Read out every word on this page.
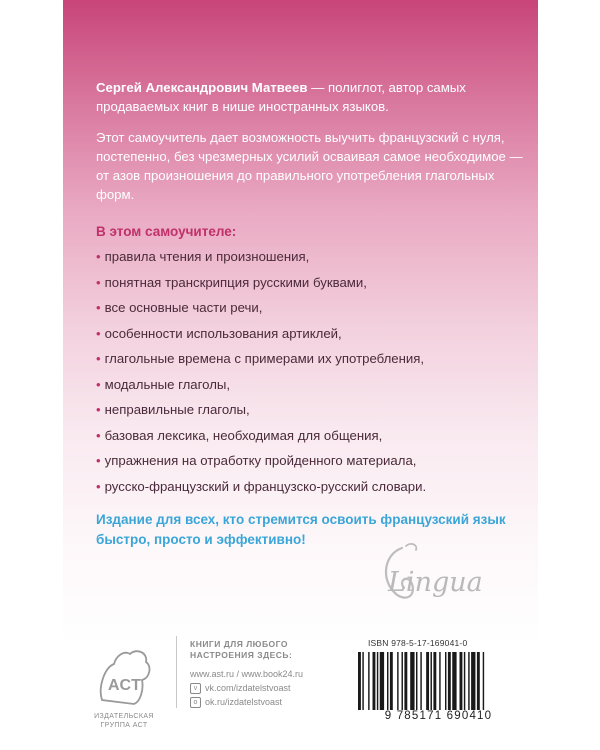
Сергей Александрович Матвеев — полиглот, автор самых продаваемых книг в нише иностранных языков.
Этот самоучитель дает возможность выучить французский с нуля, постепенно, без чрезмерных усилий осваивая самое необходимое — от азов произношения до правильного употребления глагольных форм.
В этом самоучителе:
• правила чтения и произношения,
• понятная транскрипция русскими буквами,
• все основные части речи,
• особенности использования артиклей,
• глагольные времена с примерами их употребления,
• модальные глаголы,
• неправильные глаголы,
• базовая лексика, необходимая для общения,
• упражнения на отработку пройденного материала,
• русско-французский и французско-русский словари.
Издание для всех, кто стремится освоить французский язык быстро, просто и эффективно!
Lingua
ACT
ИЗДАТЕЛЬСКАЯ
ГРУППА АСТ
КНИГИ ДЛЯ ЛЮБОГО
НАСТРОЕНИЯ ЗДЕСЬ:
www.ast.ru / www.book24.ru
v vk.com/izdatelstvoast
o ok.ru/izdatelstvoast
ISBN 978-5-17-169041-0
9 785171 690410
